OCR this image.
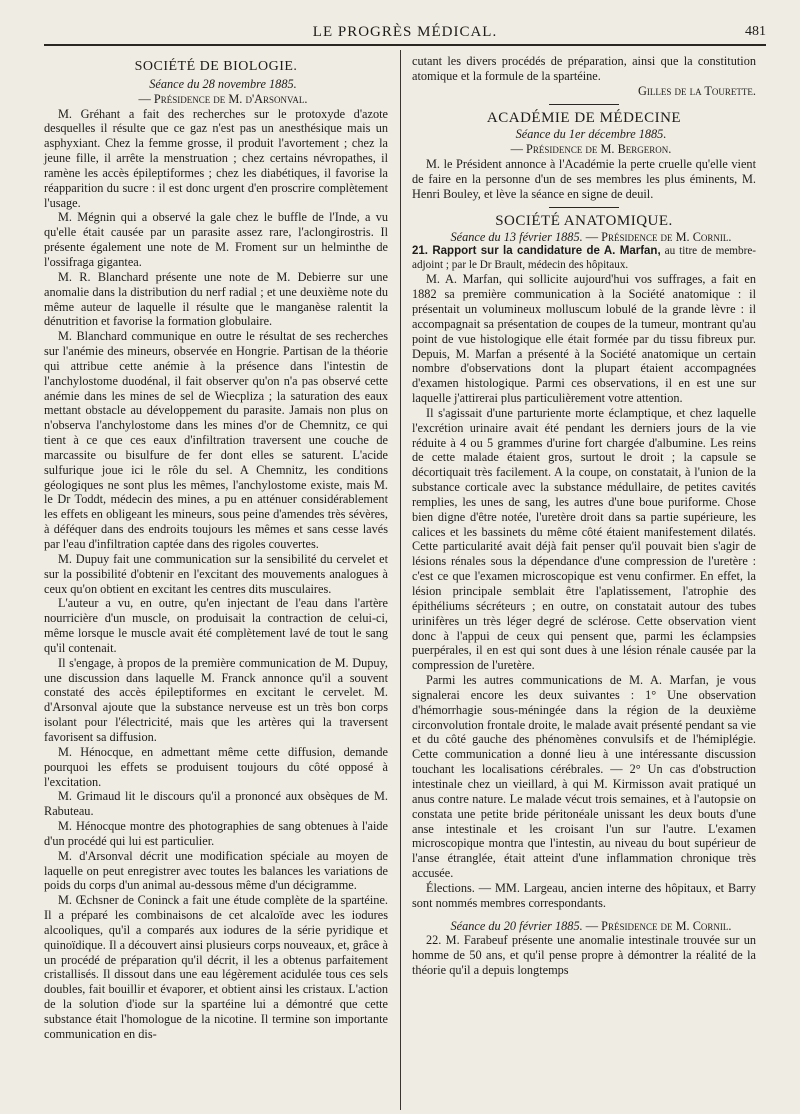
LE PROGRÈS MÉDICAL.	481
SOCIÉTÉ DE BIOLOGIE.

Séance du 28 novembre 1885.

— Présidence de M. d'Arsonval.

M. Gréhant a fait des recherches sur le protoxyde d'azote desquelles il résulte que ce gaz n'est pas un anesthésique mais un asphyxiant. Chez la femme grosse, il produit l'avortement ; chez la jeune fille, il arrête la menstruation ; chez certains névropathes, il ramène les accès épileptiformes ; chez les diabétiques, il favorise la réapparition du sucre : il est donc urgent d'en proscrire complètement l'usage.

M. Mégnin qui a observé la gale chez le buffle de l'Inde, a vu qu'elle était causée par un parasite assez rare, l'aclongirostris. Il présente également une note de M. Froment sur un helminthe de l'ossifraga gigantea.

M. R. Blanchard présente une note de M. Debierre sur une anomalie dans la distribution du nerf radial ; et une deuxième note du même auteur de laquelle il résulte que le manganèse ralentit la dénutrition et favorise la formation globulaire.

M. Blanchard communique en outre le résultat de ses recherches sur l'anémie des mineurs, observée en Hongrie. Partisan de la théorie qui attribue cette anémie à la présence dans l'intestin de l'anchylostome duodénal, il fait observer qu'on n'a pas observé cette anémie dans les mines de sel de Wiecpliza ; la saturation des eaux mettant obstacle au développement du parasite. Jamais non plus on n'observa l'anchylostome dans les mines d'or de Chemnitz, ce qui tient à ce que ces eaux d'infiltration traversent une couche de marcassite ou bisulfure de fer dont elles se saturent. L'acide sulfurique joue ici le rôle du sel. A Chemnitz, les conditions géologiques ne sont plus les mêmes, l'anchylostome existe, mais M. le Dr Toddt, médecin des mines, a pu en atténuer considérablement les effets en obligeant les mineurs, sous peine d'amendes très sévères, à déféquer dans des endroits toujours les mêmes et sans cesse lavés par l'eau d'infiltration captée dans des rigoles couvertes.

M. Dupuy fait une communication sur la sensibilité du cervelet et sur la possibilité d'obtenir en l'excitant des mouvements analogues à ceux qu'on obtient en excitant les centres dits musculaires.

L'auteur a vu, en outre, qu'en injectant de l'eau dans l'artère nourricière d'un muscle, on produisait la contraction de celui-ci, même lorsque le muscle avait été complètement lavé de tout le sang qu'il contenait.

Il s'engage, à propos de la première communication de M. Dupuy, une discussion dans laquelle M. Franck annonce qu'il a souvent constaté des accès épileptiformes en excitant le cervelet. M. d'Arsonval ajoute que la substance nerveuse est un très bon corps isolant pour l'électricité, mais que les artères qui la traversent favorisent sa diffusion.

M. Hénocque, en admettant même cette diffusion, demande pourquoi les effets se produisent toujours du côté opposé à l'excitation.

M. Grimaud lit le discours qu'il a prononcé aux obsèques de M. Rabuteau.

M. Hénocque montre des photographies de sang obtenues à l'aide d'un procédé qui lui est particulier.

M. d'Arsonval décrit une modification spéciale au moyen de laquelle on peut enregistrer avec toutes les balances les variations de poids du corps d'un animal au-dessous même d'un décigramme.

M. Œchsner de Coninck a fait une étude complète de la spartéine. Il a préparé les combinaisons de cet alcaloïde avec les iodures alcooliques, qu'il a comparés aux iodures de la série pyridique et quinoïdique. Il a découvert ainsi plusieurs corps nouveaux, et, grâce à un procédé de préparation qu'il décrit, il les a obtenus parfaitement cristallisés. Il dissout dans une eau légèrement acidulée tous ces sels doubles, fait bouillir et évaporer, et obtient ainsi les cristaux. L'action de la solution d'iode sur la spartéine lui a démontré que cette substance était l'homologue de la nicotine. Il termine son importante communication en dis-

cutant les divers procédés de préparation, ainsi que la constitution atomique et la formule de la spartéine.

Gilles de la Tourette.

ACADÉMIE DE MÉDECINE

Séance du 1er décembre 1885.

— Présidence de M. Bergeron.

M. le Président annonce à l'Académie la perte cruelle qu'elle vient de faire en la personne d'un de ses membres les plus éminents, M. Henri Bouley, et lève la séance en signe de deuil.

SOCIÉTÉ ANATOMIQUE.

Séance du 13 février 1885. — Présidence de M. Cornil.

21. Rapport sur la candidature de A. Marfan, au titre de membre-adjoint ; par le Dr Brault, médecin des hôpitaux.

M. A. Marfan, qui sollicite aujourd'hui vos suffrages, a fait en 1882 sa première communication à la Société anatomique : il présentait un volumineux molluscum lobulé de la grande lèvre : il accompagnait sa présentation de coupes de la tumeur, montrant qu'au point de vue histologique elle était formée par du tissu fibreux pur. Depuis, M. Marfan a présenté à la Société anatomique un certain nombre d'observations dont la plupart étaient accompagnées d'examen histologique. Parmi ces observations, il en est une sur laquelle j'attirerai plus particulièrement votre attention.

Il s'agissait d'une parturiente morte éclamptique, et chez laquelle l'excrétion urinaire avait été pendant les derniers jours de la vie réduite à 4 ou 5 grammes d'urine fort chargée d'albumine. Les reins de cette malade étaient gros, surtout le droit ; la capsule se décortiquait très facilement. A la coupe, on constatait, à l'union de la substance corticale avec la substance médullaire, de petites cavités remplies, les unes de sang, les autres d'une boue puriforme. Chose bien digne d'être notée, l'uretère droit dans sa partie supérieure, les calices et les bassinets du même côté étaient manifestement dilatés. Cette particularité avait déjà fait penser qu'il pouvait bien s'agir de lésions rénales sous la dépendance d'une compression de l'uretère : c'est ce que l'examen microscopique est venu confirmer. En effet, la lésion principale semblait être l'aplatissement, l'atrophie des épithéliums sécréteurs ; en outre, on constatait autour des tubes urinifères un très léger degré de sclérose. Cette observation vient donc à l'appui de ceux qui pensent que, parmi les éclampsies puerpérales, il en est qui sont dues à une lésion rénale causée par la compression de l'uretère.

Parmi les autres communications de M. A. Marfan, je vous signalerai encore les deux suivantes : 1° Une observation d'hémorrhagie sous-méningée dans la région de la deuxième circonvolution frontale droite, le malade avait présenté pendant sa vie et du côté gauche des phénomènes convulsifs et de l'hémiplégie. Cette communication a donné lieu à une intéressante discussion touchant les localisations cérébrales. — 2° Un cas d'obstruction intestinale chez un vieillard, à qui M. Kirmisson avait pratiqué un anus contre nature. Le malade vécut trois semaines, et à l'autopsie on constata une petite bride péritonéale unissant les deux bouts d'une anse intestinale et les croisant l'un sur l'autre. L'examen microscopique montra que l'intestin, au niveau du bout supérieur de l'anse étranglée, était atteint d'une inflammation chronique très accusée.

Élections. — MM. Largeau, ancien interne des hôpitaux, et Barry sont nommés membres correspondants.

Séance du 20 février 1885. — Présidence de M. Cornil.

22. M. Farabeuf présente une anomalie intestinale trouvée sur un homme de 50 ans, et qu'il pense propre à démontrer la réalité de la théorie qu'il a depuis longtemps
